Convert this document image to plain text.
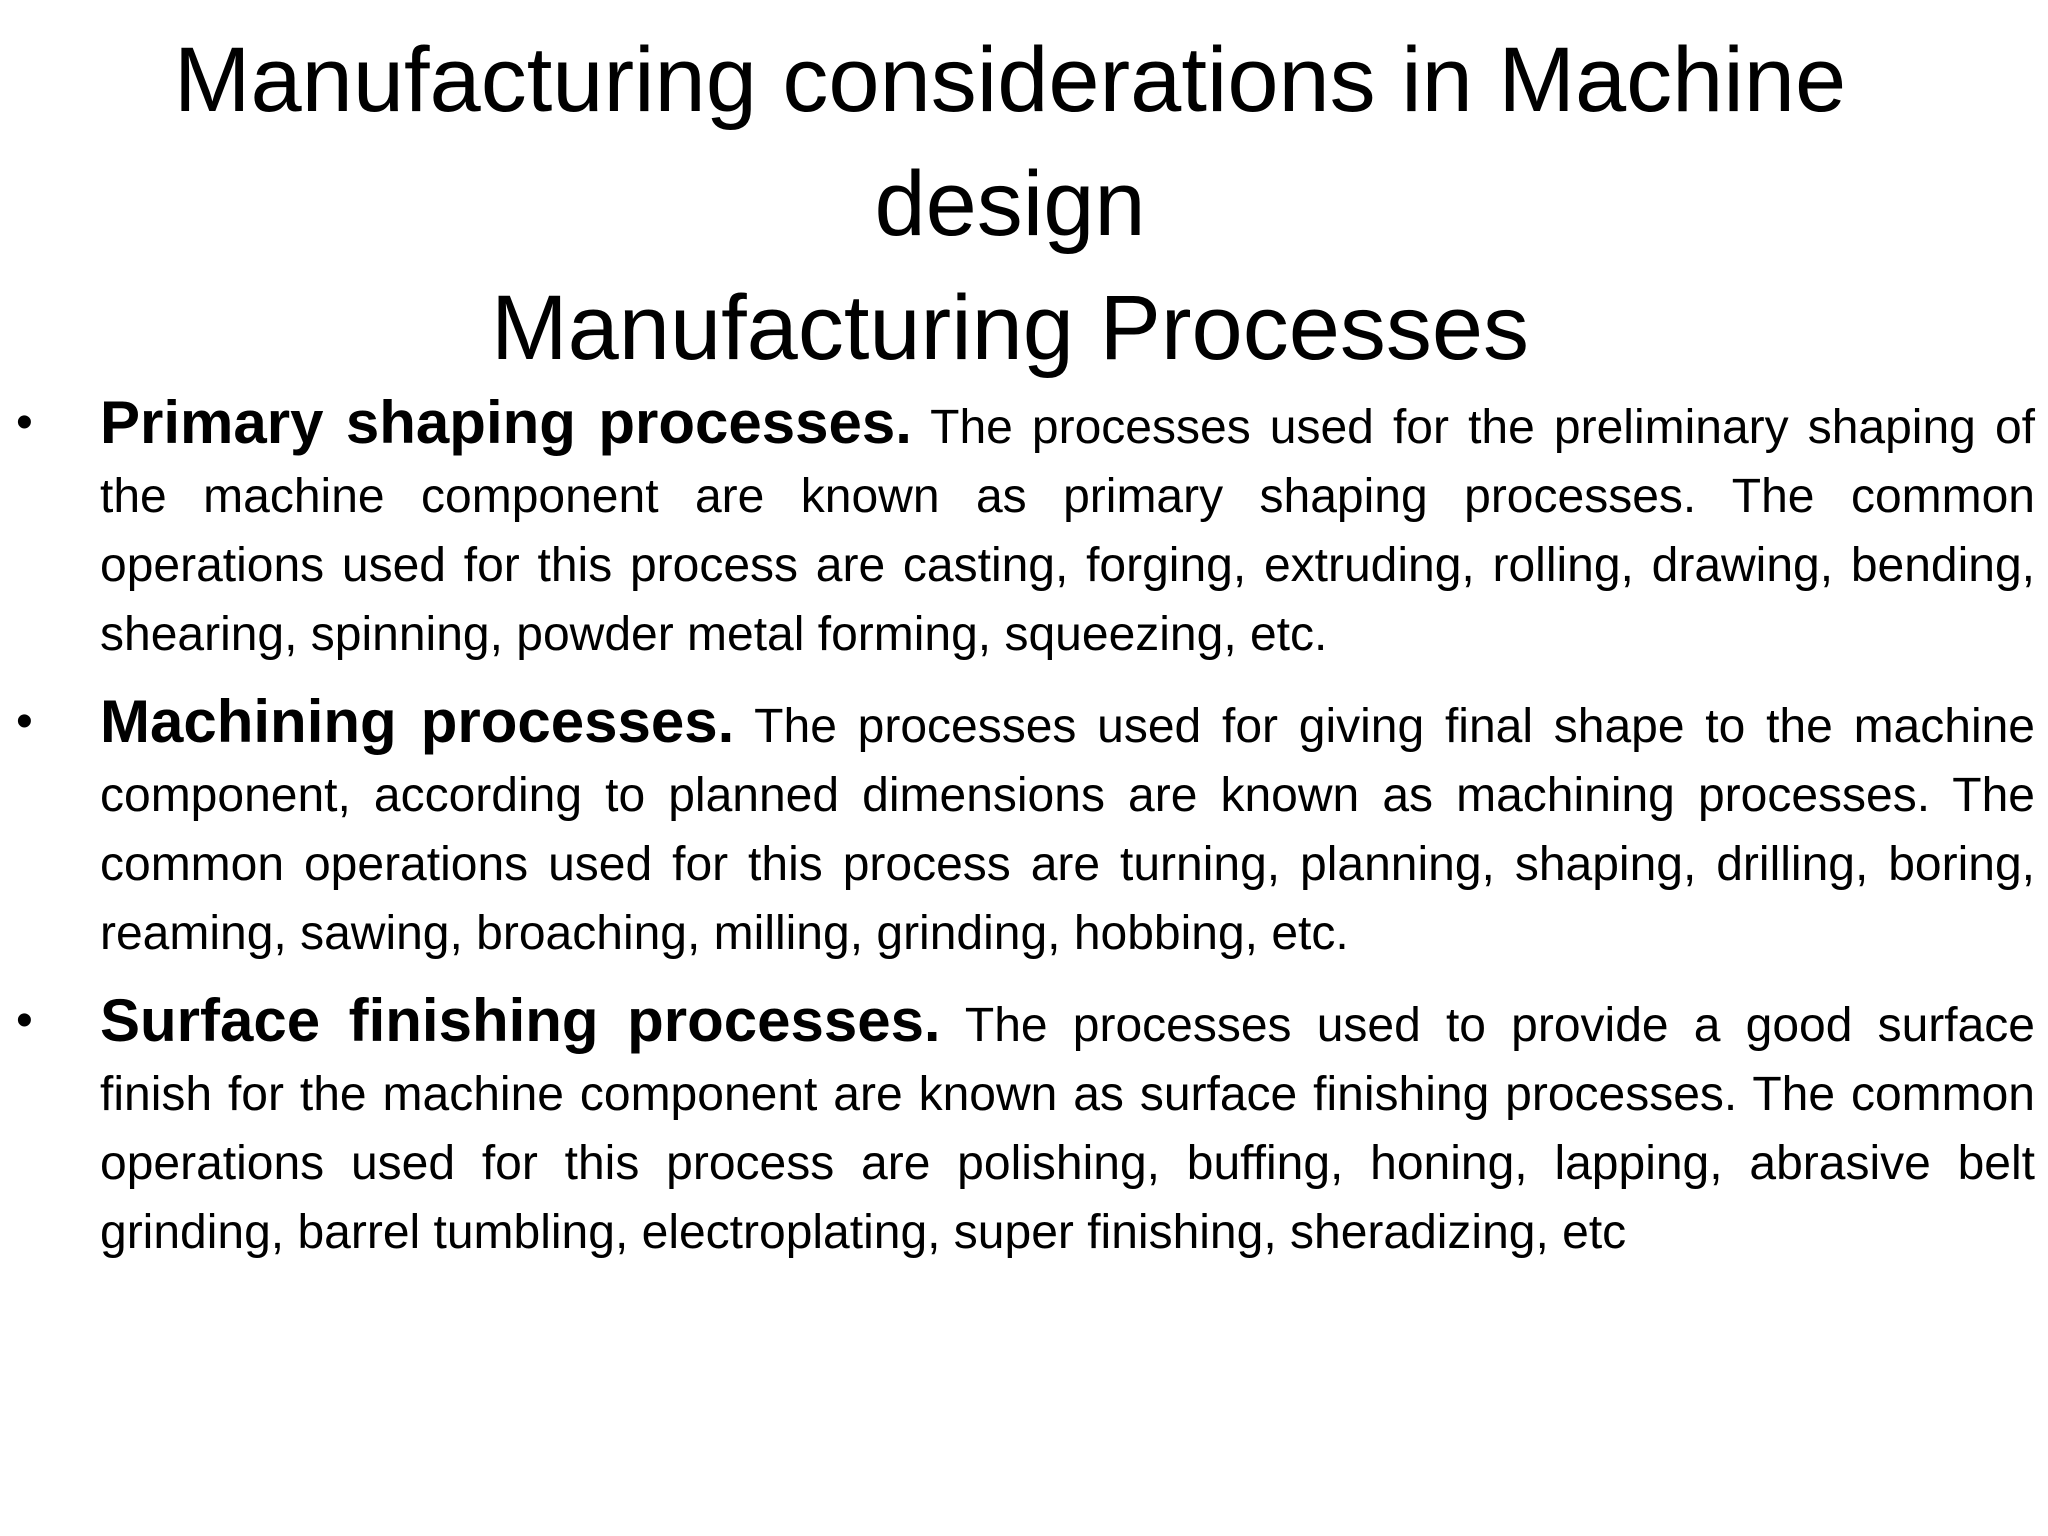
Manufacturing considerations in Machine
design
Manufacturing Processes
• Primary shaping processes. The processes used for the preliminary shaping of the machine component are known as primary shaping processes. The common operations used for this process are casting, forging, extruding, rolling, drawing, bending, shearing, spinning, powder metal forming, squeezing, etc.
• Machining processes. The processes used for giving final shape to the machine component, according to planned dimensions are known as machining processes. The common operations used for this process are turning, planning, shaping, drilling, boring, reaming, sawing, broaching, milling, grinding, hobbing, etc.
• Surface finishing processes. The processes used to provide a good surface finish for the machine component are known as surface finishing processes. The common operations used for this process are polishing, buffing, honing, lapping, abrasive belt grinding, barrel tumbling, electroplating, super finishing, sheradizing, etc
